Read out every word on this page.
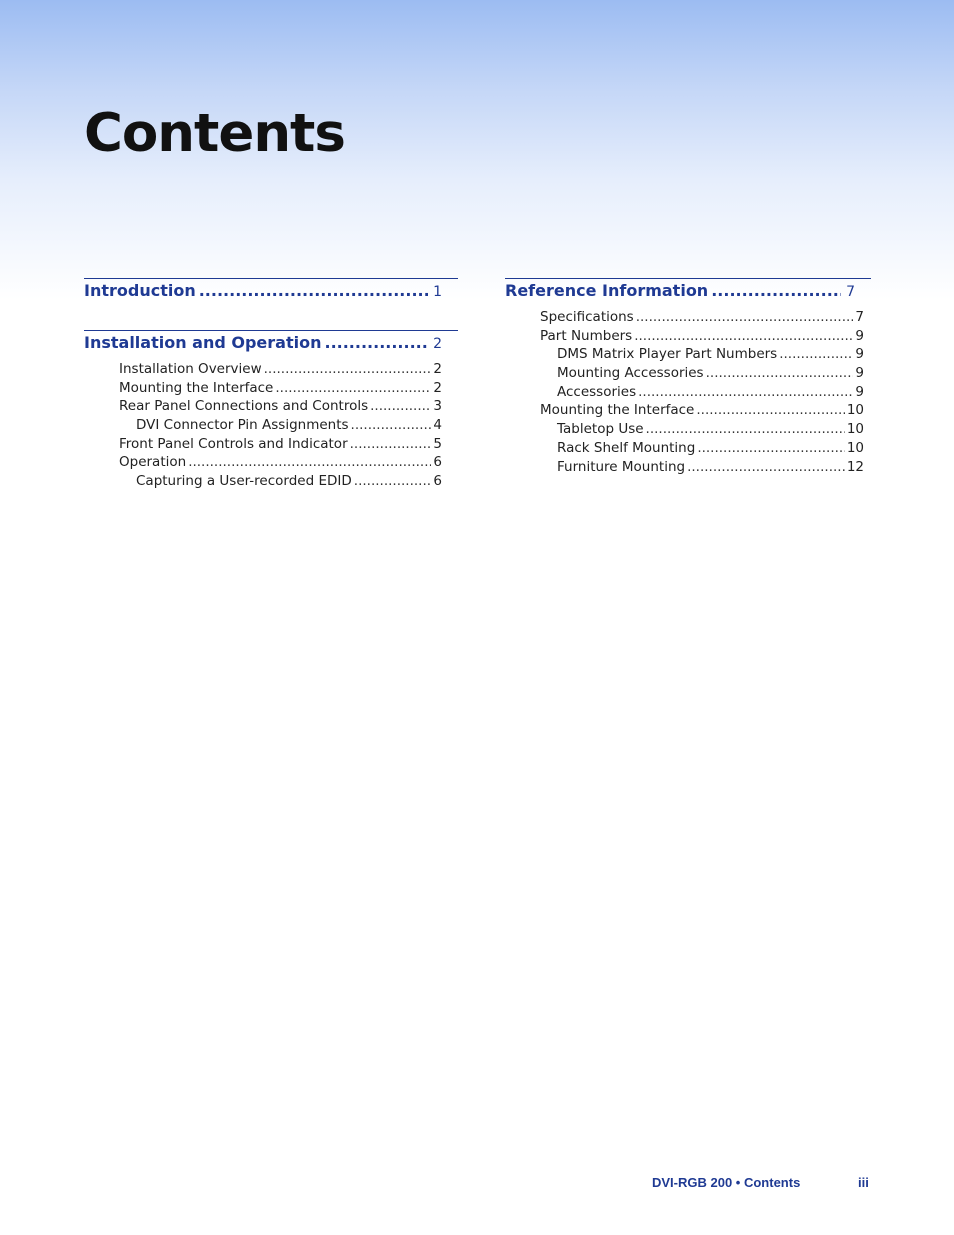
Contents
Introduction .....	1
Installation and Operation .....	2
Installation Overview .....	2
Mounting the Interface .....	2
Rear Panel Connections and Controls .....	3
DVI Connector Pin Assignments .....	4
Front Panel Controls and Indicator .....	5
Operation .....	6
Capturing a User-recorded EDID .....	6
Reference Information .....	7
Specifications .....	7
Part Numbers .....	9
DMS Matrix Player Part Numbers .....	9
Mounting Accessories .....	9
Accessories .....	9
Mounting the Interface .....	10
Tabletop Use .....	10
Rack Shelf Mounting .....	10
Furniture Mounting .....	12
DVI-RGB 200 • Contents	iii
